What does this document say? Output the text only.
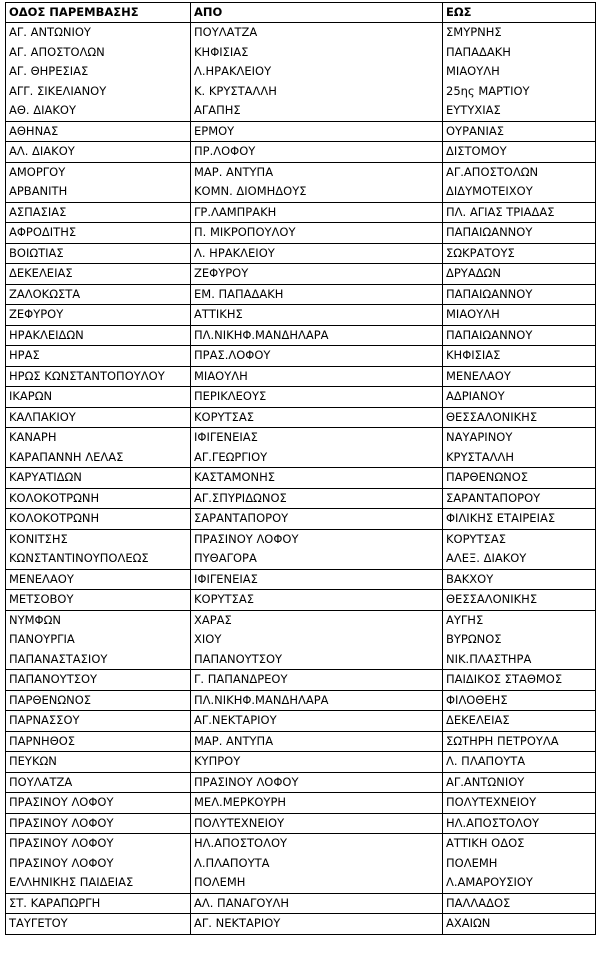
ΟΔΟΣ ΠΑΡΕΜΒΑΣΗΣ	ΑΠΟ	ΕΩΣ
ΑΓ. ΑΝΤΩΝΙΟΥ	ΠΟΥΛΑΤΖΑ	ΣΜΥΡΝΗΣ
ΑΓ. ΑΠΟΣΤΟΛΩΝ	ΚΗΦΙΣΙΑΣ	ΠΑΠΑΔΑΚΗ
ΑΓ. ΘΗΡΕΣΙΑΣ	Λ.ΗΡΑΚΛΕΙΟΥ	ΜΙΑΟΥΛΗ
ΑΓΓ. ΣΙΚΕΛΙΑΝΟΥ	Κ. ΚΡΥΣΤΑΛΛΗ	25ης ΜΑΡΤΙΟΥ
ΑΘ. ΔΙΑΚΟΥ	ΑΓΑΠΗΣ	ΕΥΤΥΧΙΑΣ
ΑΘΗΝΑΣ	ΕΡΜΟΥ	ΟΥΡΑΝΙΑΣ
ΑΛ. ΔΙΑΚΟΥ	ΠΡ.ΛΟΦΟΥ	ΔΙΣΤΟΜΟΥ
ΑΜΟΡΓΟΥ	ΜΑΡ. ΑΝΤΥΠΑ	ΑΓ.ΑΠΟΣΤΟΛΩΝ
ΑΡΒΑΝΙΤΗ	ΚΟΜΝ. ΔΙΟΜΗΔΟΥΣ	ΔΙΔΥΜΟΤΕΙΧΟΥ
ΑΣΠΑΣΙΑΣ	ΓΡ.ΛΑΜΠΡΑΚΗ	ΠΛ. ΑΓΙΑΣ ΤΡΙΑΔΑΣ
ΑΦΡΟΔΙΤΗΣ	Π. ΜΙΚΡΟΠΟΥΛΟΥ	ΠΑΠΑΙΩΑΝΝΟΥ
ΒΟΙΩΤΙΑΣ	Λ. ΗΡΑΚΛΕΙΟΥ	ΣΩΚΡΑΤΟΥΣ
ΔΕΚΕΛΕΙΑΣ	ΖΕΦΥΡΟΥ	ΔΡΥΑΔΩΝ
ΖΑΛΟΚΩΣΤΑ	ΕΜ. ΠΑΠΑΔΑΚΗ	ΠΑΠΑΙΩΑΝΝΟΥ
ΖΕΦΥΡΟΥ	ΑΤΤΙΚΗΣ	ΜΙΑΟΥΛΗ
ΗΡΑΚΛΕΙΔΩΝ	ΠΛ.ΝΙΚΗΦ.ΜΑΝΔΗΛΑΡΑ	ΠΑΠΑΙΩΑΝΝΟΥ
ΗΡΑΣ	ΠΡΑΣ.ΛΟΦΟΥ	ΚΗΦΙΣΙΑΣ
ΗΡΩΣ ΚΩΝΣΤΑΝΤΟΠΟΥΛΟΥ	ΜΙΑΟΥΛΗ	ΜΕΝΕΛΑΟΥ
ΙΚΑΡΩΝ	ΠΕΡΙΚΛΕΟΥΣ	ΑΔΡΙΑΝΟΥ
ΚΑΛΠΑΚΙΟΥ	ΚΟΡΥΤΣΑΣ	ΘΕΣΣΑΛΟΝΙΚΗΣ
ΚΑΝΑΡΗ	ΙΦΙΓΕΝΕΙΑΣ	ΝΑΥΑΡΙΝΟΥ
ΚΑΡΑΠΑΝΝΗ ΛΕΛΑΣ	ΑΓ.ΓΕΩΡΓΙΟΥ	ΚΡΥΣΤΑΛΛΗ
ΚΑΡΥΑΤΙΔΩΝ	ΚΑΣΤΑΜΟΝΗΣ	ΠΑΡΘΕΝΩΝΟΣ
ΚΟΛΟΚΟΤΡΩΝΗ	ΑΓ.ΣΠΥΡΙΔΩΝΟΣ	ΣΑΡΑΝΤΑΠΟΡΟΥ
ΚΟΛΟΚΟΤΡΩΝΗ	ΣΑΡΑΝΤΑΠΟΡΟΥ	ΦΙΛΙΚΗΣ ΕΤΑΙΡΕΙΑΣ
ΚΟΝΙΤΣΗΣ	ΠΡΑΣΙΝΟΥ ΛΟΦΟΥ	ΚΟΡΥΤΣΑΣ
ΚΩΝΣΤΑΝΤΙΝΟΥΠΟΛΕΩΣ	ΠΥΘΑΓΟΡΑ	ΑΛΕΞ. ΔΙΑΚΟΥ
ΜΕΝΕΛΑΟΥ	ΙΦΙΓΕΝΕΙΑΣ	ΒΑΚΧΟΥ
ΜΕΤΣΟΒΟΥ	ΚΟΡΥΤΣΑΣ	ΘΕΣΣΑΛΟΝΙΚΗΣ
ΝΥΜΦΩΝ	ΧΑΡΑΣ	ΑΥΓΗΣ
ΠΑΝΟΥΡΓΙΑ	ΧΙΟΥ	ΒΥΡΩΝΟΣ
ΠΑΠΑΝΑΣΤΑΣΙΟΥ	ΠΑΠΑΝΟΥΤΣΟΥ	ΝΙΚ.ΠΛΑΣΤΗΡΑ
ΠΑΠΑΝΟΥΤΣΟΥ	Γ. ΠΑΠΑΝΔΡΕΟΥ	ΠΑΙΔΙΚΟΣ ΣΤΑΘΜΟΣ
ΠΑΡΘΕΝΩΝΟΣ	ΠΛ.ΝΙΚΗΦ.ΜΑΝΔΗΛΑΡΑ	ΦΙΛΟΘΕΗΣ
ΠΑΡΝΑΣΣΟΥ	ΑΓ.ΝΕΚΤΑΡΙΟΥ	ΔΕΚΕΛΕΙΑΣ
ΠΑΡΝΗΘΟΣ	ΜΑΡ. ΑΝΤΥΠΑ	ΣΩΤΗΡΗ ΠΕΤΡΟΥΛΑ
ΠΕΥΚΩΝ	ΚΥΠΡΟΥ	Λ. ΠΛΑΠΟΥΤΑ
ΠΟΥΛΑΤΖΑ	ΠΡΑΣΙΝΟΥ ΛΟΦΟΥ	ΑΓ.ΑΝΤΩΝΙΟΥ
ΠΡΑΣΙΝΟΥ ΛΟΦΟΥ	ΜΕΛ.ΜΕΡΚΟΥΡΗ	ΠΟΛΥΤΕΧΝΕΙΟΥ
ΠΡΑΣΙΝΟΥ ΛΟΦΟΥ	ΠΟΛΥΤΕΧΝΕΙΟΥ	ΗΛ.ΑΠΟΣΤΟΛΟΥ
ΠΡΑΣΙΝΟΥ ΛΟΦΟΥ	ΗΛ.ΑΠΟΣΤΟΛΟΥ	ΑΤΤΙΚΗ ΟΔΟΣ
ΠΡΑΣΙΝΟΥ ΛΟΦΟΥ	Λ.ΠΛΑΠΟΥΤΑ	ΠΟΛΕΜΗ
ΕΛΛΗΝΙΚΗΣ ΠΑΙΔΕΙΑΣ	ΠΟΛΕΜΗ	Λ.ΑΜΑΡΟΥΣΙΟΥ
ΣΤ. ΚΑΡΑΠΩΡΓΗ	ΑΛ. ΠΑΝΑΓΟΥΛΗ	ΠΑΛΛΑΔΟΣ
ΤΑΥΓΕΤΟΥ	ΑΓ. ΝΕΚΤΑΡΙΟΥ	ΑΧΑΙΩΝ
